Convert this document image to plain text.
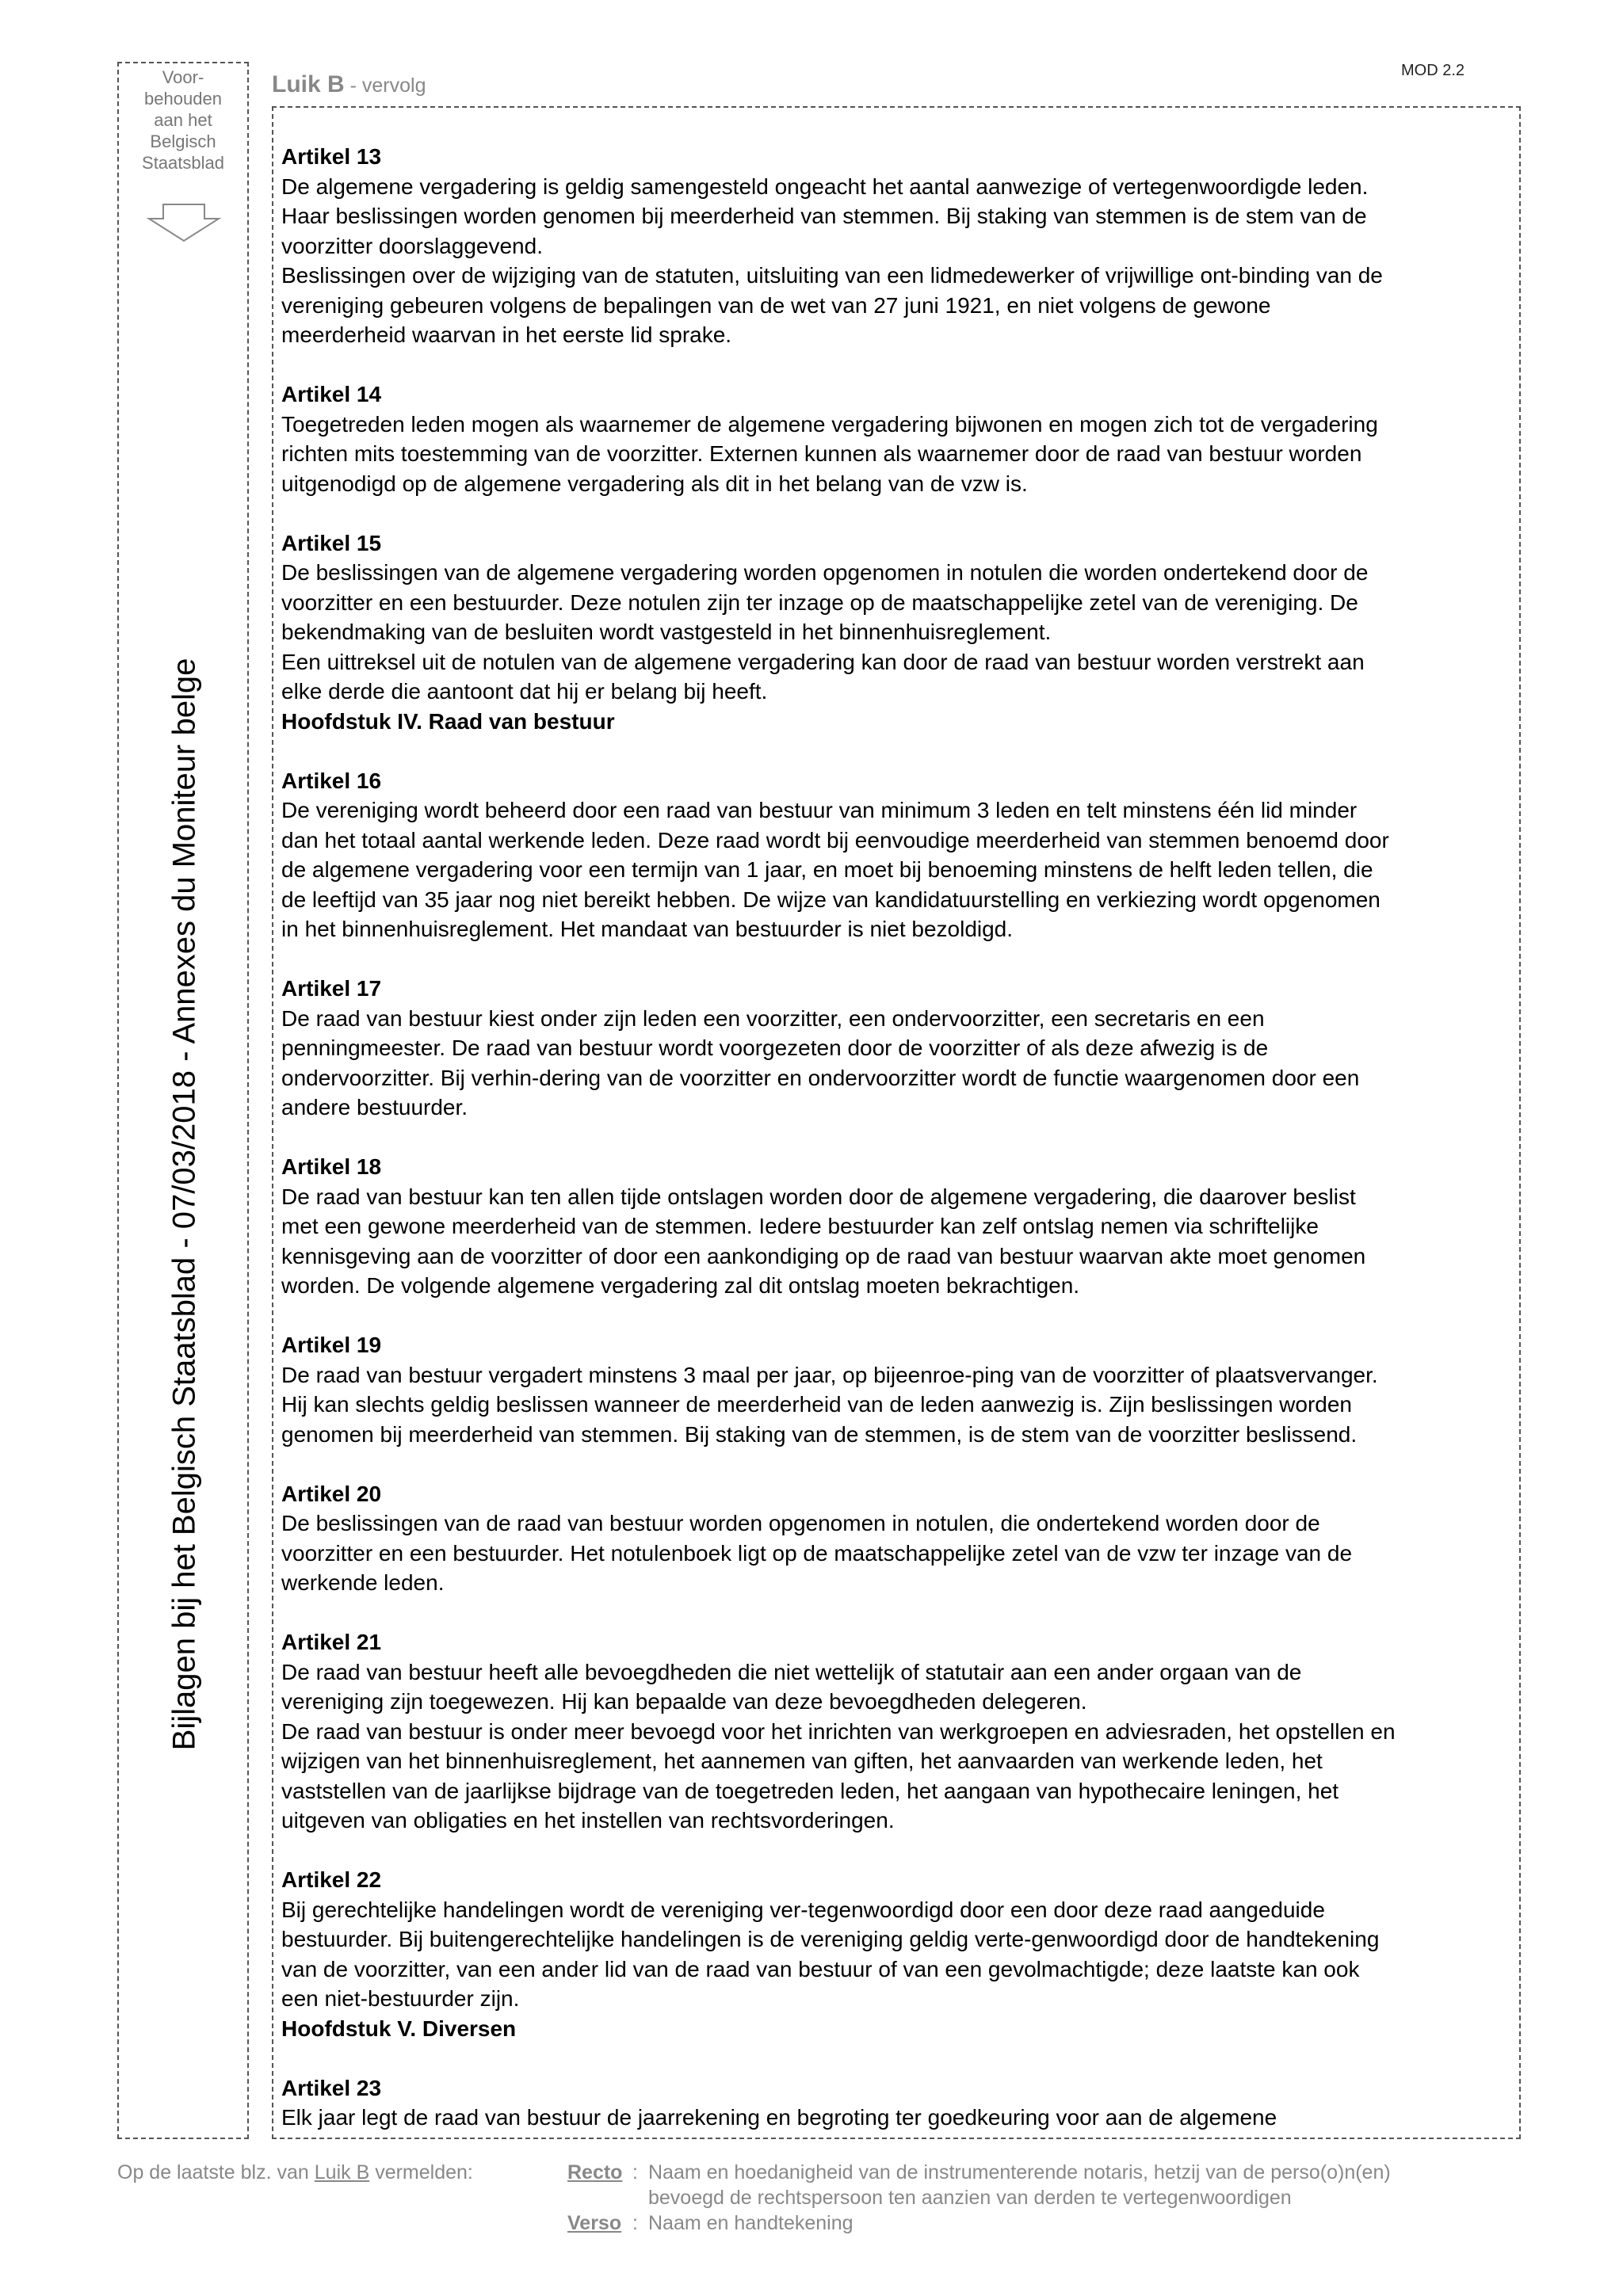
Voor-
behouden
aan het
Belgisch
Staatsblad
Bijlagen bij het Belgisch Staatsblad - 07/03/2018 - Annexes du Moniteur belge
Luik B - vervolg
MOD 2.2
Artikel 13
De algemene vergadering is geldig samengesteld ongeacht het aantal aanwezige of vertegenwoordigde leden.
Haar beslissingen worden genomen bij meerderheid van stemmen. Bij staking van stemmen is de stem van de
voorzitter doorslaggevend.
Beslissingen over de wijziging van de statuten, uitsluiting van een lidmedewerker of vrijwillige ont-binding van de
vereniging gebeuren volgens de bepalingen van de wet van 27 juni 1921, en niet volgens de gewone
meerderheid waarvan in het eerste lid sprake.
Artikel 14
Toegetreden leden mogen als waarnemer de algemene vergadering bijwonen en mogen zich tot de vergadering
richten mits toestemming van de voorzitter. Externen kunnen als waarnemer door de raad van bestuur worden
uitgenodigd op de algemene vergadering als dit in het belang van de vzw is.
Artikel 15
De beslissingen van de algemene vergadering worden opgenomen in notulen die worden ondertekend door de
voorzitter en een bestuurder. Deze notulen zijn ter inzage op de maatschappelijke zetel van de vereniging. De
bekendmaking van de besluiten wordt vastgesteld in het binnenhuisreglement.
Een uittreksel uit de notulen van de algemene vergadering kan door de raad van bestuur worden verstrekt aan
elke derde die aantoont dat hij er belang bij heeft.
Hoofdstuk IV. Raad van bestuur
Artikel 16
De vereniging wordt beheerd door een raad van bestuur van minimum 3 leden en telt minstens één lid minder
dan het totaal aantal werkende leden. Deze raad wordt bij eenvoudige meerderheid van stemmen benoemd door
de algemene vergadering voor een termijn van 1 jaar, en moet bij benoeming minstens de helft leden tellen, die
de leeftijd van 35 jaar nog niet bereikt hebben. De wijze van kandidatuurstelling en verkiezing wordt opgenomen
in het binnenhuisreglement. Het mandaat van bestuurder is niet bezoldigd.
Artikel 17
De raad van bestuur kiest onder zijn leden een voorzitter, een ondervoorzitter, een secretaris en een
penningmeester. De raad van bestuur wordt voorgezeten door de voorzitter of als deze afwezig is de
ondervoorzitter. Bij verhin-dering van de voorzitter en ondervoorzitter wordt de functie waargenomen door een
andere bestuurder.
Artikel 18
De raad van bestuur kan ten allen tijde ontslagen worden door de algemene vergadering, die daarover beslist
met een gewone meerderheid van de stemmen. Iedere bestuurder kan zelf ontslag nemen via schriftelijke
kennisgeving aan de voorzitter of door een aankondiging op de raad van bestuur waarvan akte moet genomen
worden. De volgende algemene vergadering zal dit ontslag moeten bekrachtigen.
Artikel 19
De raad van bestuur vergadert minstens 3 maal per jaar, op bijeenroe-ping van de voorzitter of plaatsvervanger.
Hij kan slechts geldig beslissen wanneer de meerderheid van de leden aanwezig is. Zijn beslissingen worden
genomen bij meerderheid van stemmen. Bij staking van de stemmen, is de stem van de voorzitter beslissend.
Artikel 20
De beslissingen van de raad van bestuur worden opgenomen in notulen, die ondertekend worden door de
voorzitter en een bestuurder. Het notulenboek ligt op de maatschappelijke zetel van de vzw ter inzage van de
werkende leden.
Artikel 21
De raad van bestuur heeft alle bevoegdheden die niet wettelijk of statutair aan een ander orgaan van de
vereniging zijn toegewezen. Hij kan bepaalde van deze bevoegdheden delegeren.
De raad van bestuur is onder meer bevoegd voor het inrichten van werkgroepen en adviesraden, het opstellen en
wijzigen van het binnenhuisreglement, het aannemen van giften, het aanvaarden van werkende leden, het
vaststellen van de jaarlijkse bijdrage van de toegetreden leden, het aangaan van hypothecaire leningen, het
uitgeven van obligaties en het instellen van rechtsvorderingen.
Artikel 22
Bij gerechtelijke handelingen wordt de vereniging ver-tegenwoordigd door een door deze raad aangeduide
bestuurder. Bij buitengerechtelijke handelingen is de vereniging geldig verte-genwoordigd door de handtekening
van de voorzitter, van een ander lid van de raad van bestuur of van een gevolmachtigde; deze laatste kan ook
een niet-bestuurder zijn.
Hoofdstuk V. Diversen
Artikel 23
Elk jaar legt de raad van bestuur de jaarrekening en begroting ter goedkeuring voor aan de algemene
Op de laatste blz. van Luik B vermelden:	Recto : Naam en hoedanigheid van de instrumenterende notaris, hetzij van de perso(o)n(en)
bevoegd de rechtspersoon ten aanzien van derden te vertegenwoordigen
Verso : Naam en handtekening
